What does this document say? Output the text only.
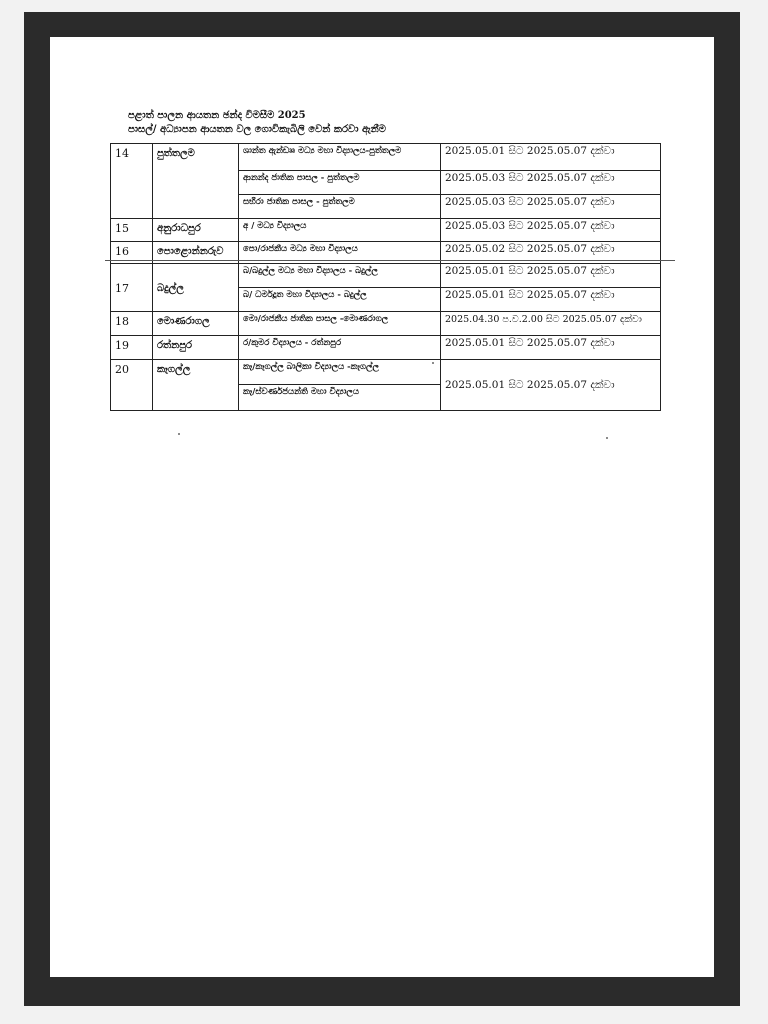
පළාත් පාලන ආයතන ඡන්ද විමසීම 2025
පාසල්/ අධ්‍යාපන ආයතන වල ගොවිකැබිලි වෙන් කරවා ඇනීම
14	පුත්තලම	ශාන්ත ඇන්ඩ්‍රූ මධ්‍ය මහා විද්‍යාලය-පුත්තලම	2025.05.01 සිට 2025.05.07 දක්වා
		ආනන්ද ජාතික පාසල - පුත්තලම	2025.05.03 සිට 2025.05.07 දක්වා
		සභීරා ජාතික පාසල - පුත්තලම	2025.05.03 සිට 2025.05.07 දක්වා
15	අනුරාධපුර	අ / මධ්‍ය විද්‍යාලය	2025.05.03 සිට 2025.05.07 දක්වා
16	පොළොන්නරුව	පො/රාජකීය මධ්‍ය මහා විද්‍යාලය	2025.05.02 සිට 2025.05.07 දක්වා
17	බදුල්ල	බ/බදුල්ල මධ්‍ය මහා විද්‍යාලය - බදුල්ල	2025.05.01 සිට 2025.05.07 දක්වා
		බ/ ධර්මදූත මහා විද්‍යාලය - බදුල්ල	2025.05.01 සිට 2025.05.07 දක්වා
18	මොණරාගල	මො/රාජකීය ජාතික පාසල -මොණරාගල	2025.04.30 ප.ව.2.00 සිට 2025.05.07 දක්වා
19	රත්නපුර	ර/කුමර විද්‍යාලය - රත්නපුර	2025.05.01 සිට 2025.05.07 දක්වා
20	කෑගල්ල	කෑ/කෑගල්ල බාලිකා විද්‍යාලය -කෑගල්ල	2025.05.01 සිට 2025.05.07 දක්වා
		කෑ/ස්වර්ණජයන්ති මහා විද්‍යාලය	
